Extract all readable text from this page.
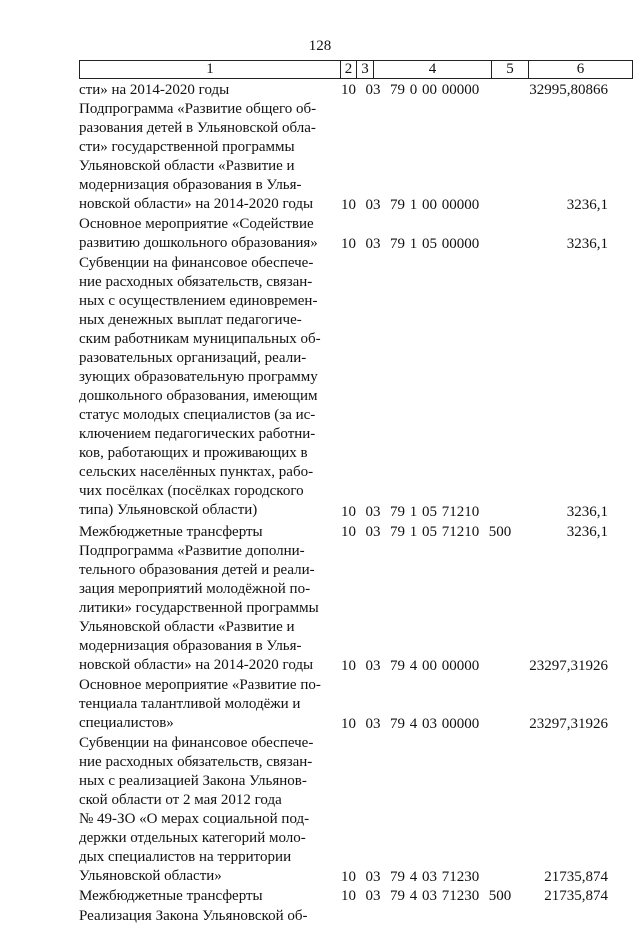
128
1	2	3	4	5	6
сти» на 2014-2020 годы	10  03  79 0 00 00000	32995,80866
Подпрограмма «Развитие общего об-
разования детей в Ульяновской обла-
сти» государственной программы
Ульяновской области «Развитие и
модернизация образования в Улья-
новской области» на 2014-2020 годы	10  03  79 1 00 00000	3236,1
Основное мероприятие «Содействие
развитию дошкольного образования»	10  03  79 1 05 00000	3236,1
Субвенции на финансовое обеспече-
ние расходных обязательств, связан-
ных с осуществлением единовремен-
ных денежных выплат педагогиче-
ским работникам муниципальных об-
разовательных организаций, реали-
зующих образовательную программу
дошкольного образования, имеющим
статус молодых специалистов (за ис-
ключением педагогических работни-
ков, работающих и проживающих в
сельских населённых пунктах, рабо-
чих посёлках (посёлках городского
типа) Ульяновской области)	10  03  79 1 05 71210	3236,1
Межбюджетные трансферты	10  03  79 1 05 71210  500	3236,1
Подпрограмма «Развитие дополни-
тельного образования детей и реали-
зация мероприятий молодёжной по-
литики» государственной программы
Ульяновской области «Развитие и
модернизация образования в Улья-
новской области» на 2014-2020 годы	10  03  79 4 00 00000	23297,31926
Основное мероприятие «Развитие по-
тенциала талантливой молодёжи и
специалистов»	10  03  79 4 03 00000	23297,31926
Субвенции на финансовое обеспече-
ние расходных обязательств, связан-
ных с реализацией Закона Ульянов-
ской области от 2 мая 2012 года
№ 49-ЗО «О мерах социальной под-
держки отдельных категорий моло-
дых специалистов на территории
Ульяновской области»	10  03  79 4 03 71230	21735,874
Межбюджетные трансферты	10  03  79 4 03 71230  500 21735,874
Реализация Закона Ульяновской об-
